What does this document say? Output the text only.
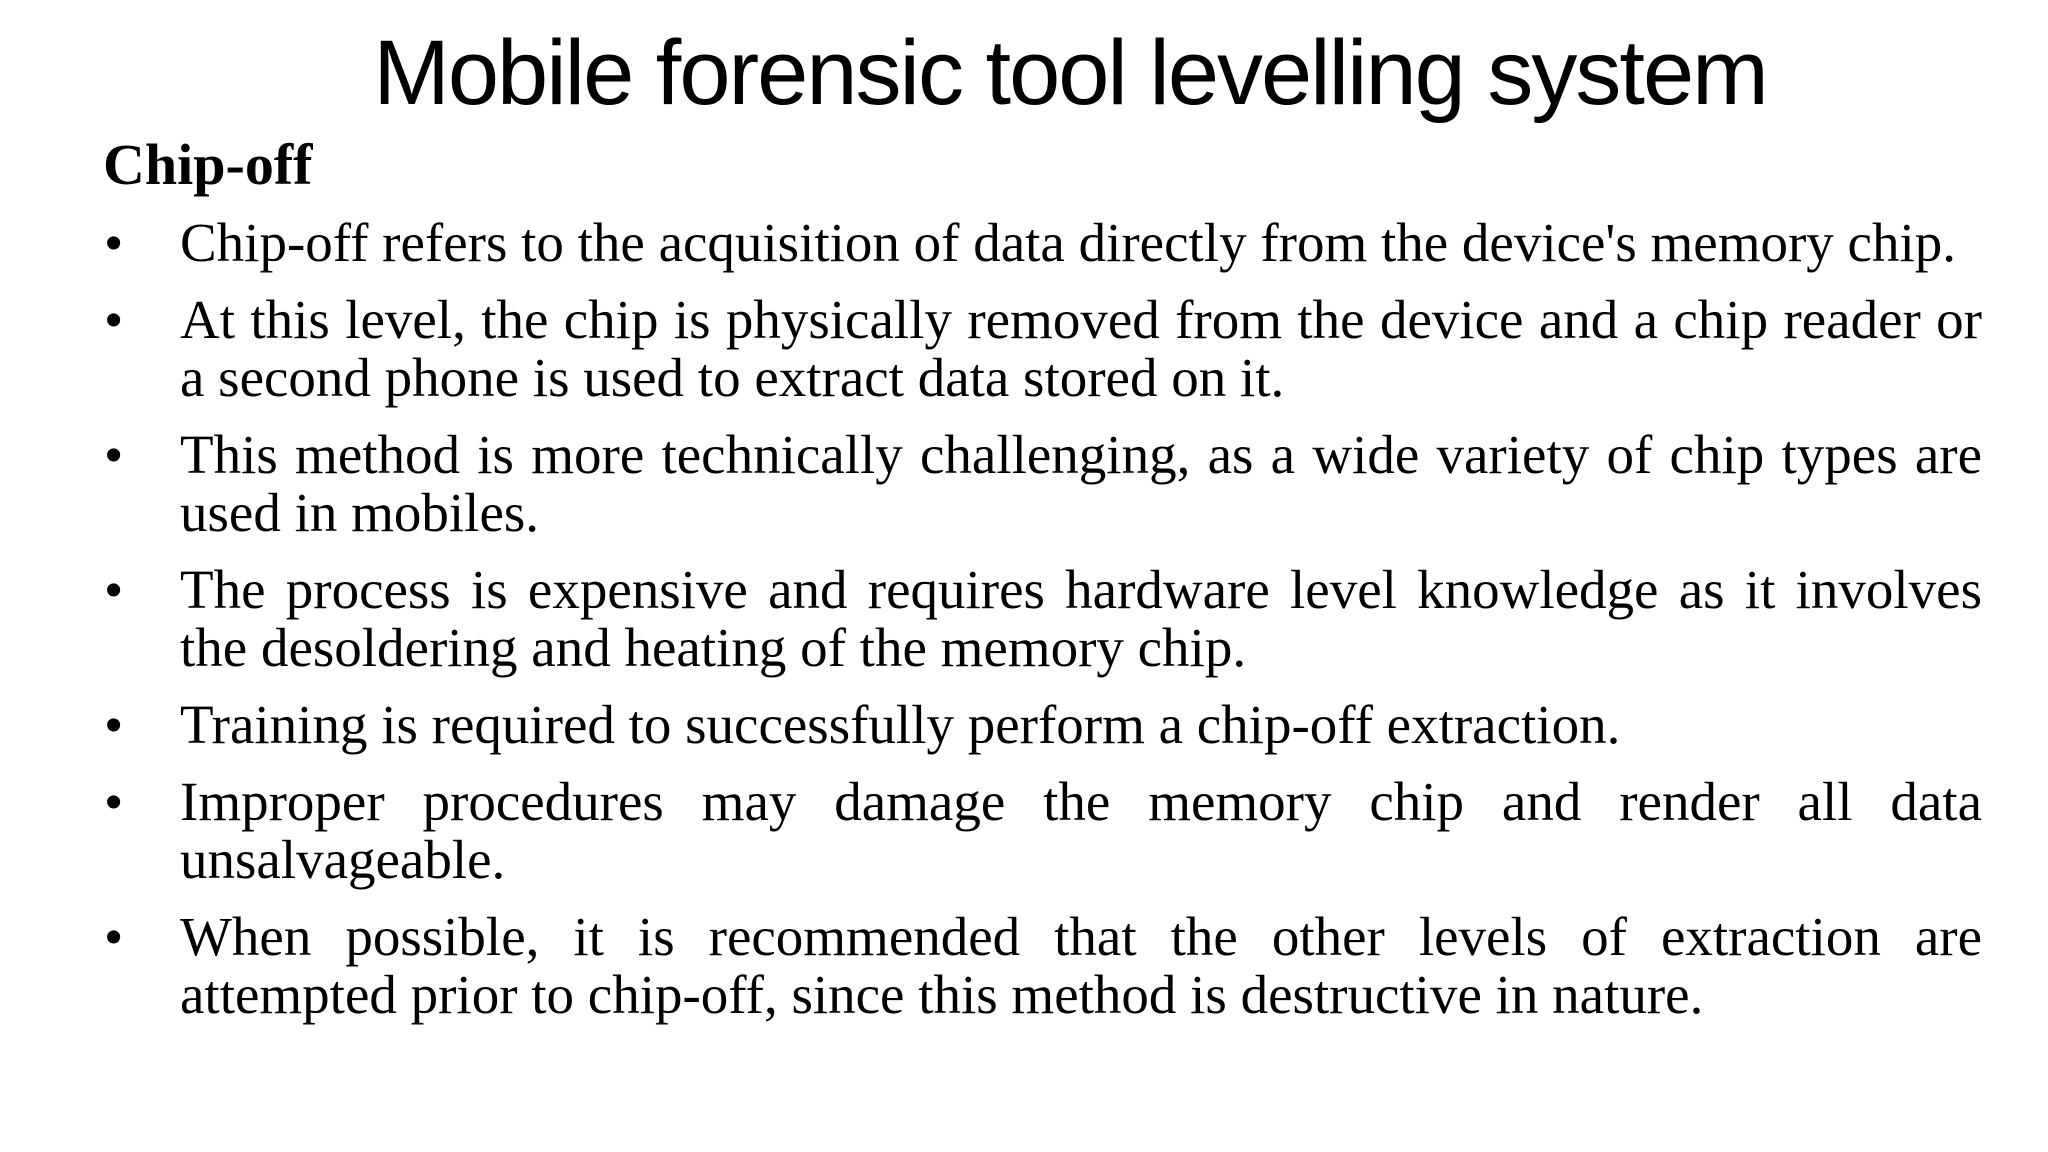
Mobile forensic tool levelling system
Chip-off
•	Chip-off refers to the acquisition of data directly from the device's memory chip.
•	At this level, the chip is physically removed from the device and a chip reader or a second phone is used to extract data stored on it.
•	This method is more technically challenging, as a wide variety of chip types are used in mobiles.
•	The process is expensive and requires hardware level knowledge as it involves the desoldering and heating of the memory chip.
•	Training is required to successfully perform a chip-off extraction.
•	Improper procedures may damage the memory chip and render all data unsalvageable.
•	When possible, it is recommended that the other levels of extraction are attempted prior to chip-off, since this method is destructive in nature.
